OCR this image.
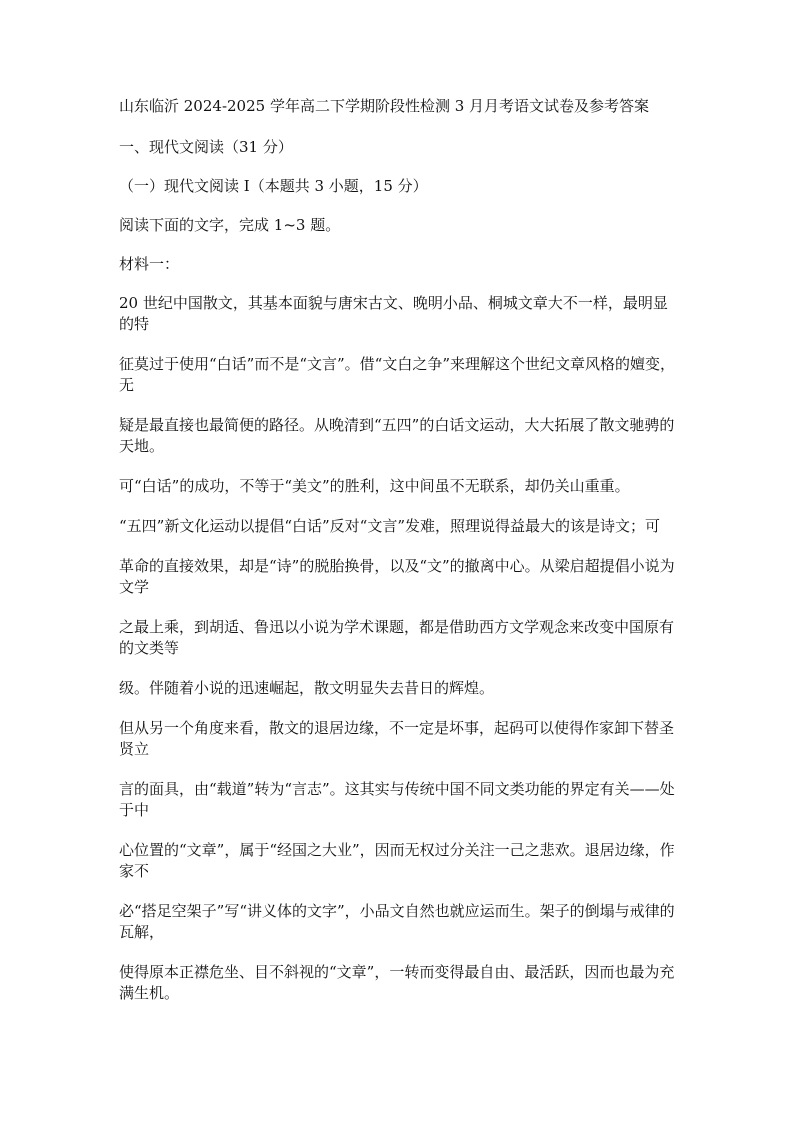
山东临沂 2024-2025 学年高二下学期阶段性检测 3 月月考语文试卷及参考答案

一、现代文阅读（31 分）

（一）现代文阅读 I（本题共 3 小题，15 分）

阅读下面的文字，完成 1~3 题。

材料一：

20 世纪中国散文，其基本面貌与唐宋古文、晚明小品、桐城文章大不一样，最明显的特

征莫过于使用“白话”而不是“文言”。借“文白之争”来理解这个世纪文章风格的嬗变，无

疑是最直接也最简便的路径。从晚清到“五四”的白话文运动，大大拓展了散文驰骋的天地。

可“白话”的成功，不等于“美文”的胜利，这中间虽不无联系，却仍关山重重。

“五四”新文化运动以提倡“白话”反对“文言”发难，照理说得益最大的该是诗文；可

革命的直接效果，却是“诗”的脱胎换骨，以及“文”的撤离中心。从梁启超提倡小说为文学

之最上乘，到胡适、鲁迅以小说为学术课题，都是借助西方文学观念来改变中国原有的文类等

级。伴随着小说的迅速崛起，散文明显失去昔日的辉煌。

但从另一个角度来看，散文的退居边缘，不一定是坏事，起码可以使得作家卸下替圣贤立

言的面具，由“载道”转为“言志”。这其实与传统中国不同文类功能的界定有关——处于中

心位置的“文章”，属于“经国之大业”，因而无权过分关注一己之悲欢。退居边缘，作家不

必“搭足空架子”写“讲义体的文字”，小品文自然也就应运而生。架子的倒塌与戒律的瓦解，

使得原本正襟危坐、目不斜视的“文章”，一转而变得最自由、最活跃，因而也最为充满生机。
